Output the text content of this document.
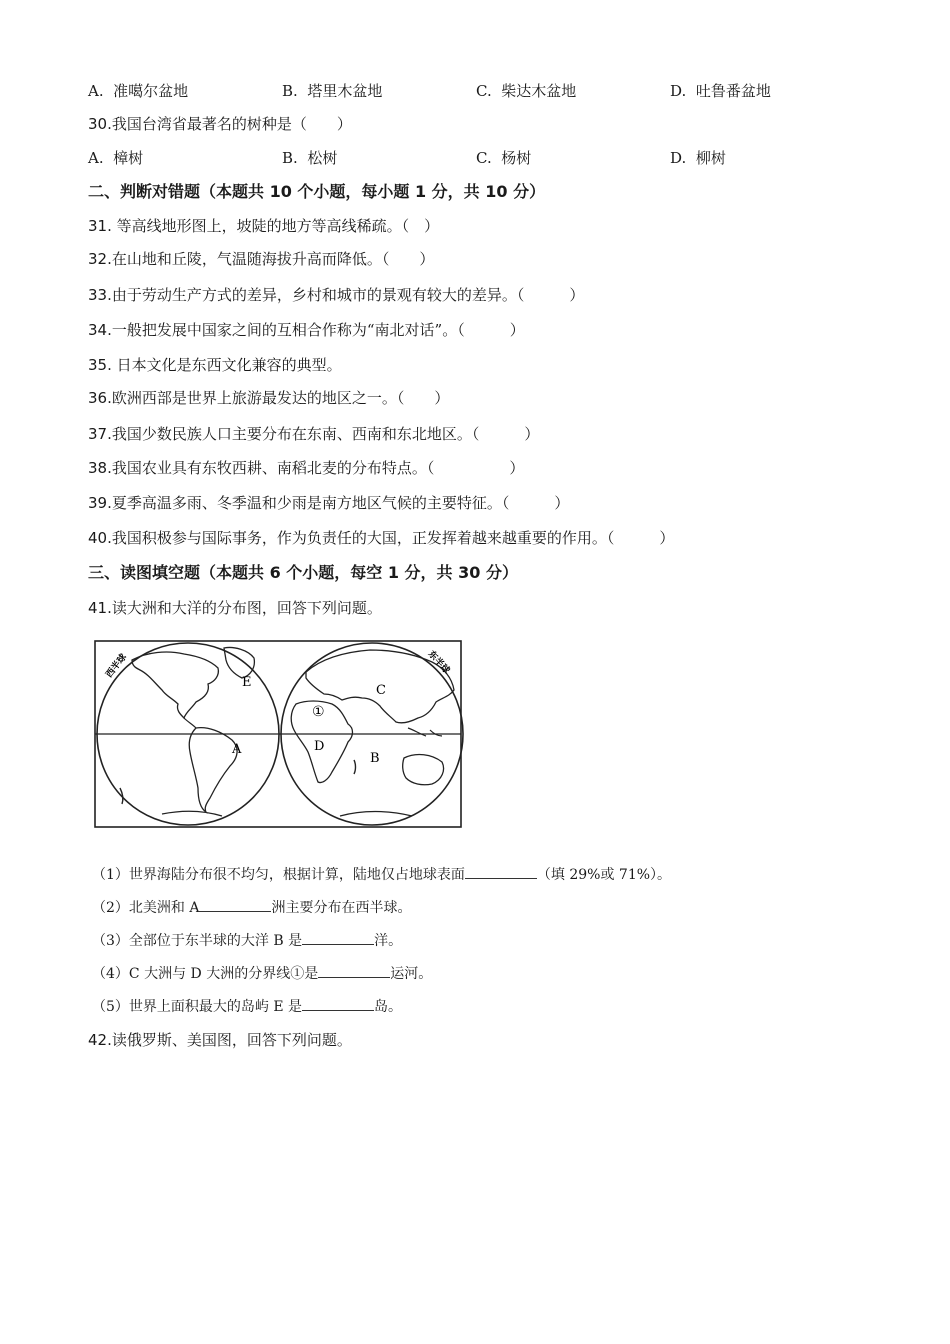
A. 准噶尔盆地	B. 塔里木盆地	C. 柴达木盆地	D. 吐鲁番盆地
30.我国台湾省最著名的树种是（　　）
A. 樟树	B. 松树	C. 杨树	D. 柳树
二、判断对错题（本题共 10 个小题，每小题 1 分，共 10 分）
31. 等高线地形图上，坡陡的地方等高线稀疏。（　）
32.在山地和丘陵，气温随海拔升高而降低。（　　）
33.由于劳动生产方式的差异，乡村和城市的景观有较大的差异。（　　　）
34.一般把发展中国家之间的互相合作称为“南北对话”。（　　　）
35. 日本文化是东西文化兼容的典型。
36.欧洲西部是世界上旅游最发达的地区之一。（　　）
37.我国少数民族人口主要分布在东南、西南和东北地区。（　　　）
38.我国农业具有东牧西耕、南稻北麦的分布特点。（　　　　　）
39.夏季高温多雨、冬季温和少雨是南方地区气候的主要特征。（　　　）
40.我国积极参与国际事务，作为负责任的大国，正发挥着越来越重要的作用。（　　　）
三、读图填空题（本题共 6 个小题，每空 1 分，共 30 分）
41.读大洲和大洋的分布图，回答下列问题。
西半球	东半球
E
A
C
D
B
①
（1）世界海陆分布很不均匀，根据计算，陆地仅占地球表面	（填 29%或 71%）。
（2）北美洲和 A	洲主要分布在西半球。
（3）全部位于东半球的大洋 B 是	洋。
（4）C 大洲与 D 大洲的分界线①是	运河。
（5）世界上面积最大的岛屿 E 是	岛。
42.读俄罗斯、美国图，回答下列问题。
